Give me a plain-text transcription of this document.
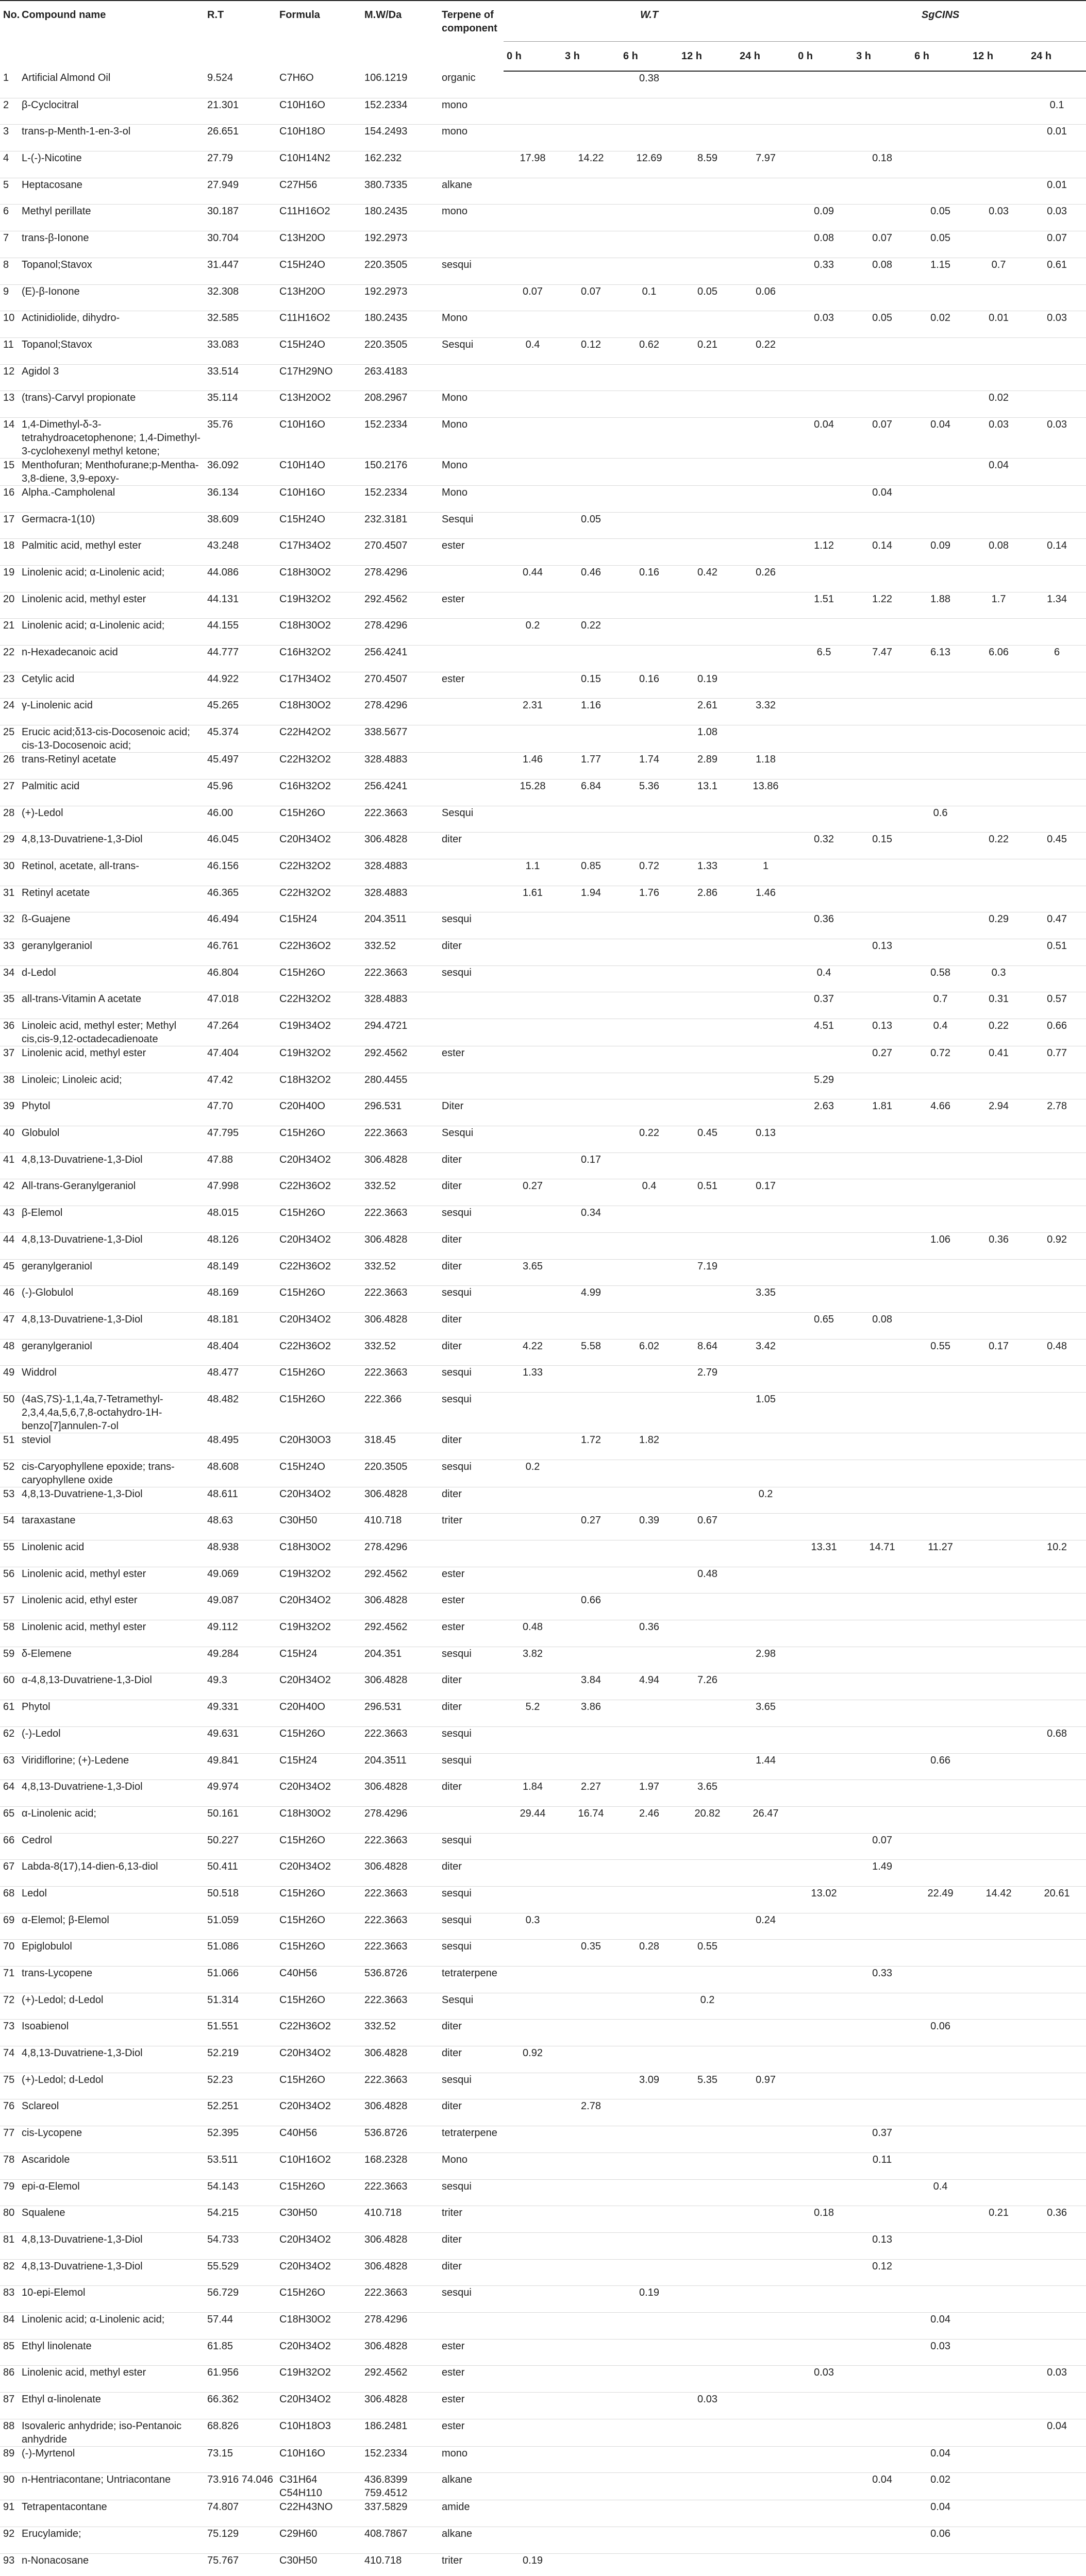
No.	Compound name	R.T	Formula	M.W/Da	Terpene of component	W.T					SgCINS				
						0 h	3 h	6 h	12 h	24 h	0 h	3 h	6 h	12 h	24 h
1	Artificial Almond Oil	9.524	C7H6O	106.1219	organic			0.38							
2	β-Cyclocitral	21.301	C10H16O	152.2334	mono										0.1
3	trans-p-Menth-1-en-3-ol	26.651	C10H18O	154.2493	mono										0.01
4	L-(-)-Nicotine	27.79	C10H14N2	162.232		17.98	14.22	12.69	8.59	7.97		0.18			
5	Heptacosane	27.949	C27H56	380.7335	alkane										0.01
6	Methyl perillate	30.187	C11H16O2	180.2435	mono						0.09		0.05	0.03	0.03
7	trans-β-Ionone	30.704	C13H20O	192.2973							0.08	0.07	0.05		0.07
8	Topanol;Stavox	31.447	C15H24O	220.3505	sesqui						0.33	0.08	1.15	0.7	0.61
9	(E)-β-Ionone	32.308	C13H20O	192.2973		0.07	0.07	0.1	0.05	0.06					
10	Actinidiolide, dihydro-	32.585	C11H16O2	180.2435	Mono						0.03	0.05	0.02	0.01	0.03
11	Topanol;Stavox	33.083	C15H24O	220.3505	Sesqui	0.4	0.12	0.62	0.21	0.22					
12	Agidol 3	33.514	C17H29NO	263.4183											
13	(trans)-Carvyl propionate	35.114	C13H20O2	208.2967	Mono									0.02	
14	1,4-Dimethyl-δ-3-tetrahydroacetophenone; 1,4-Dimethyl-3-cyclohexenyl methyl ketone;	35.76	C10H16O	152.2334	Mono						0.04	0.07	0.04	0.03	0.03
15	Menthofuran; Menthofurane;p-Mentha-3,8-diene, 3,9-epoxy-	36.092	C10H14O	150.2176	Mono									0.04	
16	Alpha.-Campholenal	36.134	C10H16O	152.2334	Mono							0.04			
17	Germacra-1(10)	38.609	C15H24O	232.3181	Sesqui		0.05								
18	Palmitic acid, methyl ester	43.248	C17H34O2	270.4507	ester						1.12	0.14	0.09	0.08	0.14
19	Linolenic acid; α-Linolenic acid;	44.086	C18H30O2	278.4296		0.44	0.46	0.16	0.42	0.26					
20	Linolenic acid, methyl ester	44.131	C19H32O2	292.4562	ester						1.51	1.22	1.88	1.7	1.34
21	Linolenic acid; α-Linolenic acid;	44.155	C18H30O2	278.4296		0.2	0.22								
22	n-Hexadecanoic acid	44.777	C16H32O2	256.4241							6.5	7.47	6.13	6.06	6
23	Cetylic acid	44.922	C17H34O2	270.4507	ester		0.15	0.16	0.19						
24	γ-Linolenic acid	45.265	C18H30O2	278.4296		2.31	1.16		2.61	3.32					
25	Erucic acid;δ13-cis-Docosenoic acid; cis-13-Docosenoic acid;	45.374	C22H42O2	338.5677					1.08						
26	trans-Retinyl acetate	45.497	C22H32O2	328.4883		1.46	1.77	1.74	2.89	1.18					
27	Palmitic acid	45.96	C16H32O2	256.4241		15.28	6.84	5.36	13.1	13.86					
28	(+)-Ledol	46.00	C15H26O	222.3663	Sesqui								0.6		
29	4,8,13-Duvatriene-1,3-Diol	46.045	C20H34O2	306.4828	diter						0.32	0.15		0.22	0.45
30	Retinol, acetate, all-trans-	46.156	C22H32O2	328.4883		1.1	0.85	0.72	1.33	1					
31	Retinyl acetate	46.365	C22H32O2	328.4883		1.61	1.94	1.76	2.86	1.46					
32	ß-Guajene	46.494	C15H24	204.3511	sesqui						0.36			0.29	0.47
33	geranylgeraniol	46.761	C22H36O2	332.52	diter							0.13			0.51
34	d-Ledol	46.804	C15H26O	222.3663	sesqui						0.4		0.58	0.3	
35	all-trans-Vitamin A acetate	47.018	C22H32O2	328.4883							0.37		0.7	0.31	0.57
36	Linoleic acid, methyl ester; Methyl cis,cis-9,12-octadecadienoate	47.264	C19H34O2	294.4721							4.51	0.13	0.4	0.22	0.66
37	Linolenic acid, methyl ester	47.404	C19H32O2	292.4562	ester							0.27	0.72	0.41	0.77
38	Linoleic; Linoleic acid;	47.42	C18H32O2	280.4455							5.29				
39	Phytol	47.70	C20H40O	296.531	Diter						2.63	1.81	4.66	2.94	2.78
40	Globulol	47.795	C15H26O	222.3663	Sesqui			0.22	0.45	0.13					
41	4,8,13-Duvatriene-1,3-Diol	47.88	C20H34O2	306.4828	diter		0.17								
42	All-trans-Geranylgeraniol	47.998	C22H36O2	332.52	diter	0.27		0.4	0.51	0.17					
43	β-Elemol	48.015	C15H26O	222.3663	sesqui		0.34								
44	4,8,13-Duvatriene-1,3-Diol	48.126	C20H34O2	306.4828	diter								1.06	0.36	0.92
45	geranylgeraniol	48.149	C22H36O2	332.52	diter	3.65			7.19						
46	(-)-Globulol	48.169	C15H26O	222.3663	sesqui		4.99			3.35					
47	4,8,13-Duvatriene-1,3-Diol	48.181	C20H34O2	306.4828	diter						0.65	0.08			
48	geranylgeraniol	48.404	C22H36O2	332.52	diter	4.22	5.58	6.02	8.64	3.42			0.55	0.17	0.48
49	Widdrol	48.477	C15H26O	222.3663	sesqui	1.33			2.79						
50	(4aS,7S)-1,1,4a,7-Tetramethyl-2,3,4,4a,5,6,7,8-octahydro-1H-benzo[7]annulen-7-ol	48.482	C15H26O	222.366	sesqui					1.05					
51	steviol	48.495	C20H30O3	318.45	diter		1.72	1.82							
52	cis-Caryophyllene epoxide; trans-caryophyllene oxide	48.608	C15H24O	220.3505	sesqui	0.2									
53	4,8,13-Duvatriene-1,3-Diol	48.611	C20H34O2	306.4828	diter					0.2					
54	taraxastane	48.63	C30H50	410.718	triter		0.27	0.39	0.67						
55	Linolenic acid	48.938	C18H30O2	278.4296							13.31	14.71	11.27		10.2
56	Linolenic acid, methyl ester	49.069	C19H32O2	292.4562	ester				0.48						
57	Linolenic acid, ethyl ester	49.087	C20H34O2	306.4828	ester		0.66								
58	Linolenic acid, methyl ester	49.112	C19H32O2	292.4562	ester	0.48		0.36							
59	δ-Elemene	49.284	C15H24	204.351	sesqui	3.82				2.98					
60	α-4,8,13-Duvatriene-1,3-Diol	49.3	C20H34O2	306.4828	diter		3.84	4.94	7.26						
61	Phytol	49.331	C20H40O	296.531	diter	5.2	3.86			3.65					
62	(-)-Ledol	49.631	C15H26O	222.3663	sesqui										0.68
63	Viridiflorine; (+)-Ledene	49.841	C15H24	204.3511	sesqui					1.44			0.66		
64	4,8,13-Duvatriene-1,3-Diol	49.974	C20H34O2	306.4828	diter	1.84	2.27	1.97	3.65						
65	α-Linolenic acid;	50.161	C18H30O2	278.4296		29.44	16.74	2.46	20.82	26.47					
66	Cedrol	50.227	C15H26O	222.3663	sesqui							0.07			
67	Labda-8(17),14-dien-6,13-diol	50.411	C20H34O2	306.4828	diter							1.49			
68	Ledol	50.518	C15H26O	222.3663	sesqui						13.02		22.49	14.42	20.61
69	α-Elemol; β-Elemol	51.059	C15H26O	222.3663	sesqui	0.3				0.24					
70	Epiglobulol	51.086	C15H26O	222.3663	sesqui		0.35	0.28	0.55						
71	trans-Lycopene	51.066	C40H56	536.8726	tetraterpene							0.33			
72	(+)-Ledol; d-Ledol	51.314	C15H26O	222.3663	Sesqui				0.2						
73	Isoabienol	51.551	C22H36O2	332.52	diter								0.06		
74	4,8,13-Duvatriene-1,3-Diol	52.219	C20H34O2	306.4828	diter	0.92									
75	(+)-Ledol; d-Ledol	52.23	C15H26O	222.3663	sesqui			3.09	5.35	0.97					
76	Sclareol	52.251	C20H34O2	306.4828	diter		2.78								
77	cis-Lycopene	52.395	C40H56	536.8726	tetraterpene							0.37			
78	Ascaridole	53.511	C10H16O2	168.2328	Mono							0.11			
79	epi-α-Elemol	54.143	C15H26O	222.3663	sesqui								0.4		
80	Squalene	54.215	C30H50	410.718	triter						0.18			0.21	0.36
81	4,8,13-Duvatriene-1,3-Diol	54.733	C20H34O2	306.4828	diter							0.13			
82	4,8,13-Duvatriene-1,3-Diol	55.529	C20H34O2	306.4828	diter							0.12			
83	10-epi-Elemol	56.729	C15H26O	222.3663	sesqui			0.19							
84	Linolenic acid; α-Linolenic acid;	57.44	C18H30O2	278.4296									0.04		
85	Ethyl linolenate	61.85	C20H34O2	306.4828	ester								0.03		
86	Linolenic acid, methyl ester	61.956	C19H32O2	292.4562	ester						0.03				0.03
87	Ethyl α-linolenate	66.362	C20H34O2	306.4828	ester				0.03						
88	Isovaleric anhydride; iso-Pentanoic anhydride	68.826	C10H18O3	186.2481	ester										0.04
89	(-)-Myrtenol	73.15	C10H16O	152.2334	mono								0.04		
90	n-Hentriacontane; Untriacontane	73.916 74.046	C31H64 C54H110	436.8399 759.4512	alkane							0.04	0.02		
91	Tetrapentacontane	74.807	C22H43NO	337.5829	amide								0.04		
92	Erucylamide;	75.129	C29H60	408.7867	alkane								0.06		
93	n-Nonacosane	75.767	C30H50	410.718	triter	0.19									
